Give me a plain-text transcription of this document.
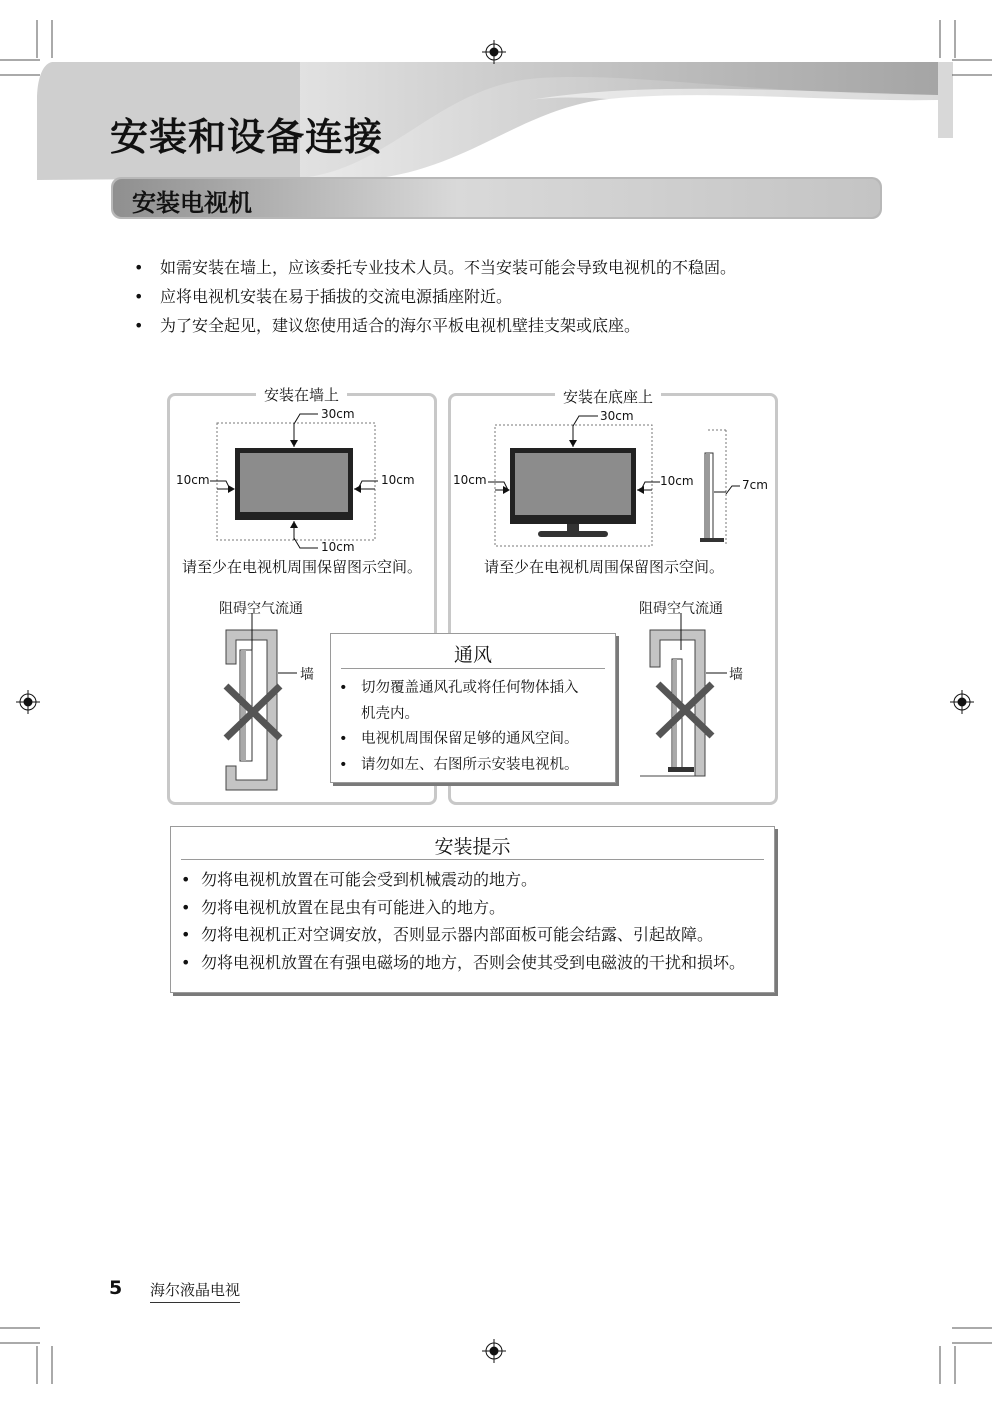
安装和设备连接
安装电视机
• 如需安装在墙上，应该委托专业技术人员。不当安装可能会导致电视机的不稳固。
• 应将电视机安装在易于插拔的交流电源插座附近。
• 为了安全起见，建议您使用适合的海尔平板电视机壁挂支架或底座。
安装在墙上
30cm
10cm	10cm
10cm
请至少在电视机周围保留图示空间。
阻碍空气流通
墙
安装在底座上
30cm
10cm	10cm	7cm
请至少在电视机周围保留图示空间。
阻碍空气流通
墙
通风
• 切勿覆盖通风孔或将任何物体插入
机壳内。
• 电视机周围保留足够的通风空间。
• 请勿如左、右图所示安装电视机。
安装提示
• 勿将电视机放置在可能会受到机械震动的地方。
• 勿将电视机放置在昆虫有可能进入的地方。
• 勿将电视机正对空调安放，否则显示器内部面板可能会结露、引起故障。
• 勿将电视机放置在有强电磁场的地方，否则会使其受到电磁波的干扰和损坏。
5 海尔液晶电视
